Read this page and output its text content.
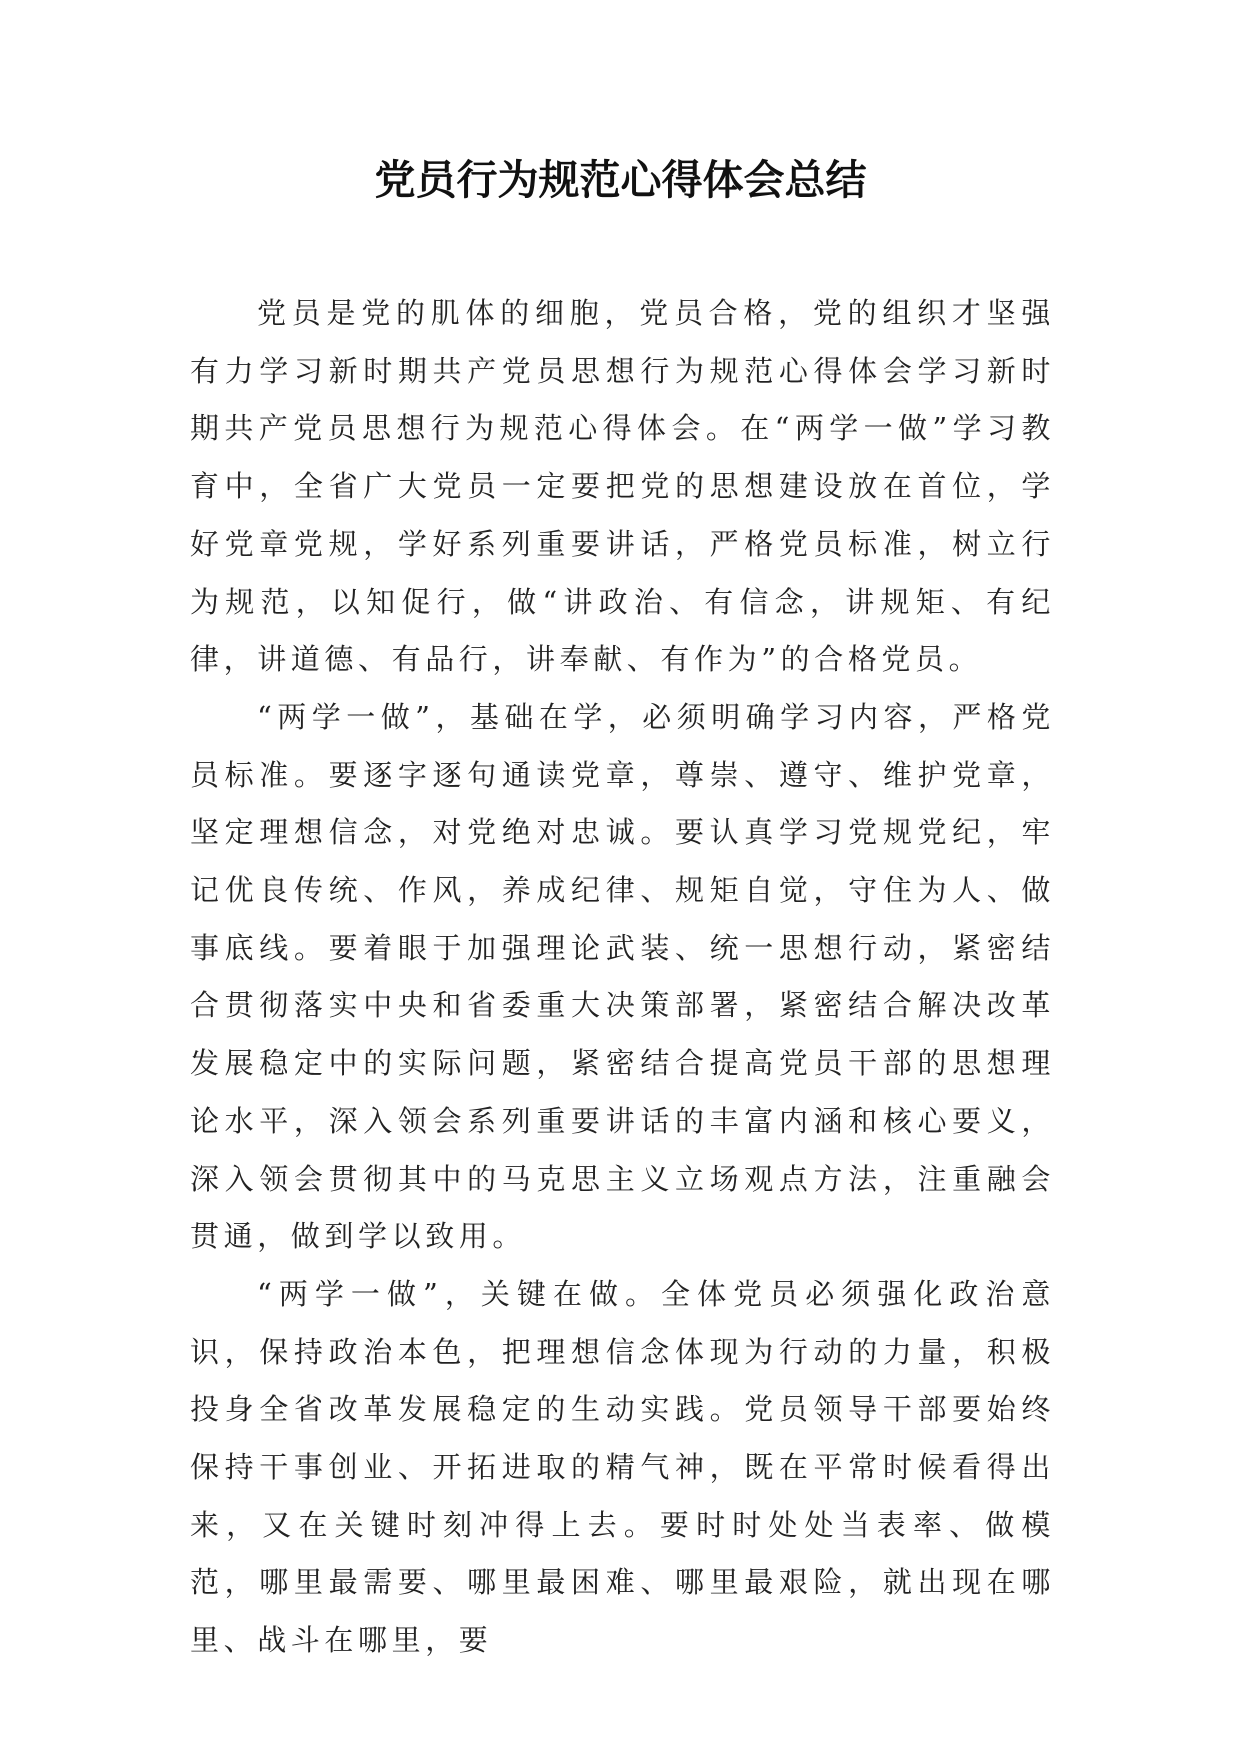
党员行为规范心得体会总结

党员是党的肌体的细胞，党员合格，党的组织才坚强有力学习新时期共产党员思想行为规范心得体会学习新时期共产党员思想行为规范心得体会。在“两学一做”学习教育中，全省广大党员一定要把党的思想建设放在首位，学好党章党规，学好系列重要讲话，严格党员标准，树立行为规范，以知促行，做“讲政治、有信念，讲规矩、有纪律，讲道德、有品行，讲奉献、有作为”的合格党员。

“两学一做”，基础在学，必须明确学习内容，严格党员标准。要逐字逐句通读党章，尊崇、遵守、维护党章，坚定理想信念，对党绝对忠诚。要认真学习党规党纪，牢记优良传统、作风，养成纪律、规矩自觉，守住为人、做事底线。要着眼于加强理论武装、统一思想行动，紧密结合贯彻落实中央和省委重大决策部署，紧密结合解决改革发展稳定中的实际问题，紧密结合提高党员干部的思想理论水平，深入领会系列重要讲话的丰富内涵和核心要义，深入领会贯彻其中的马克思主义立场观点方法，注重融会贯通，做到学以致用。

“两学一做”，关键在做。全体党员必须强化政治意识，保持政治本色，把理想信念体现为行动的力量，积极投身全省改革发展稳定的生动实践。党员领导干部要始终保持干事创业、开拓进取的精气神，既在平常时候看得出来，又在关键时刻冲得上去。要时时处处当表率、做模范，哪里最需要、哪里最困难、哪里最艰险，就出现在哪里、战斗在哪里，要
